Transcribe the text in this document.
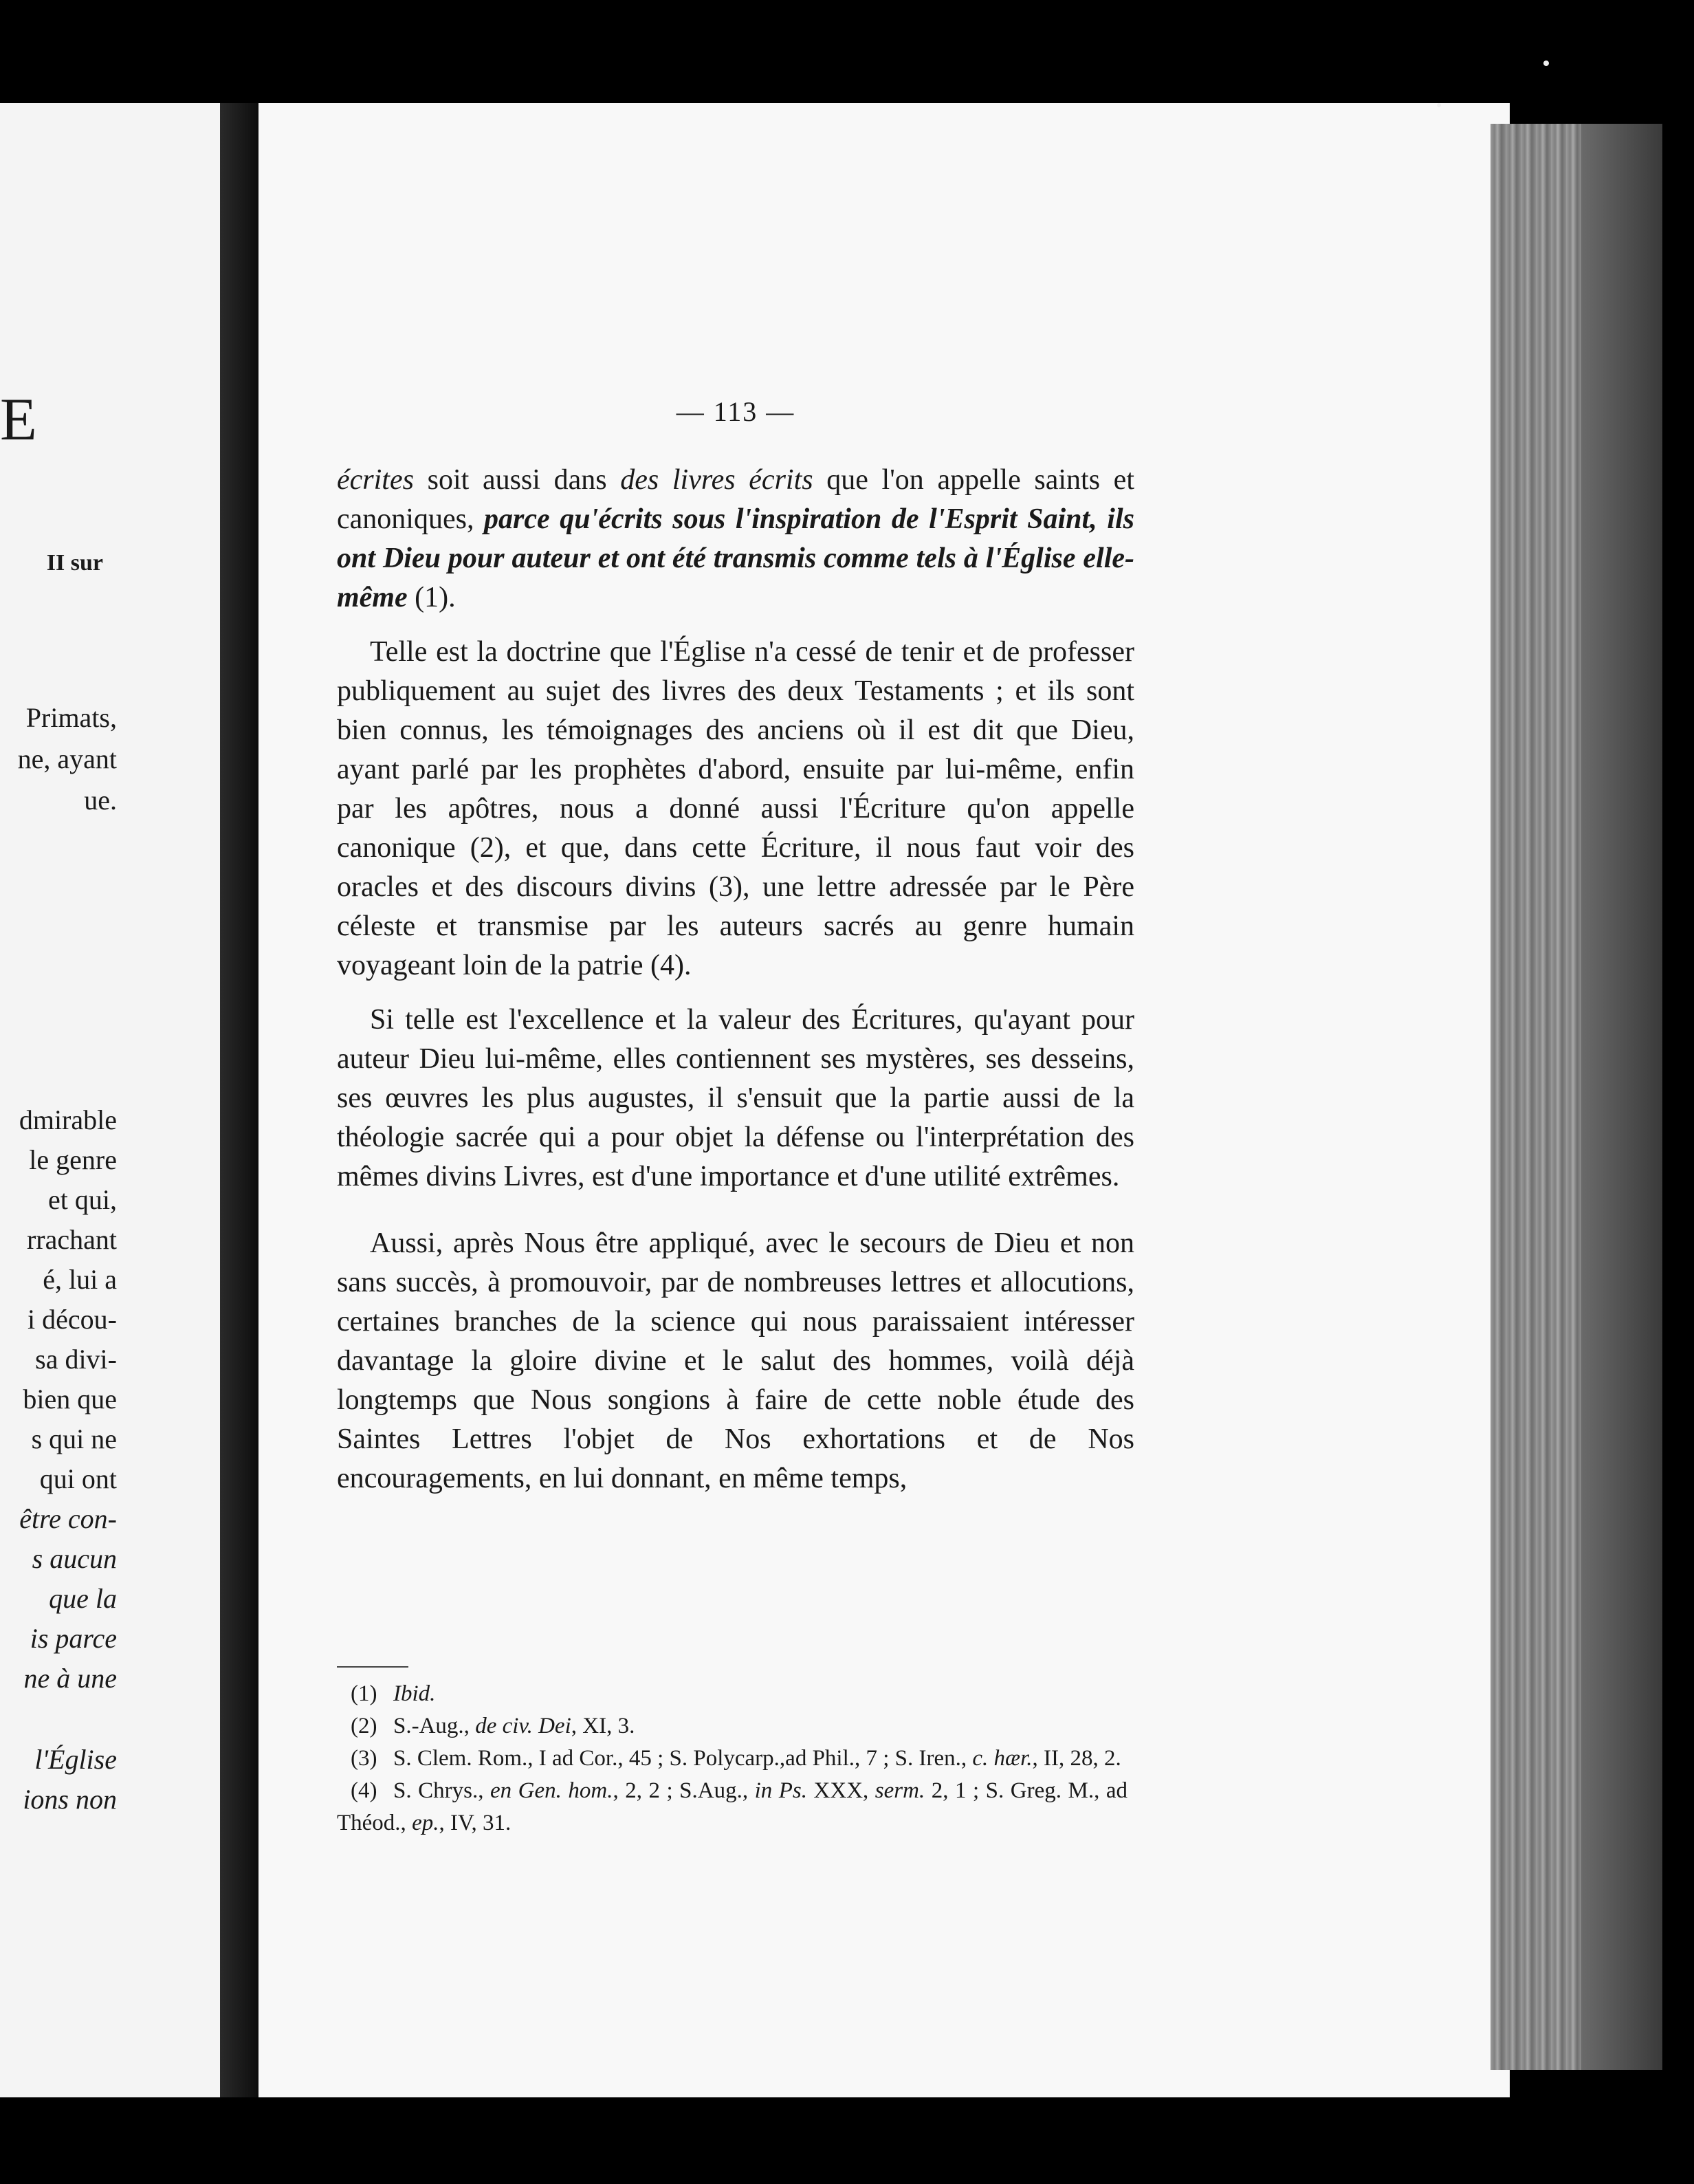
E
II sur
Primats,
ne, ayant
ue.
dmirable
le genre
et qui,
rrachant
é, lui a
i décou-
sa divi-
bien que
s qui ne
qui ont
être con-
s aucun
que la
is parce
ne à une
l'Église
ions non
— 113 —

écrites soit aussi dans des livres écrits que l'on appelle saints et canoniques, parce qu'écrits sous l'inspiration de l'Esprit Saint, ils ont Dieu pour auteur et ont été transmis comme tels à l'Église elle-même (1).

Telle est la doctrine que l'Église n'a cessé de tenir et de professer publiquement au sujet des livres des deux Testaments ; et ils sont bien connus, les témoignages des anciens où il est dit que Dieu, ayant parlé par les prophètes d'abord, ensuite par lui-même, enfin par les apôtres, nous a donné aussi l'Écriture qu'on appelle canonique (2), et que, dans cette Écriture, il nous faut voir des oracles et des discours divins (3), une lettre adressée par le Père céleste et transmise par les auteurs sacrés au genre humain voyageant loin de la patrie (4).

Si telle est l'excellence et la valeur des Écritures, qu'ayant pour auteur Dieu lui-même, elles contiennent ses mystères, ses desseins, ses œuvres les plus augustes, il s'ensuit que la partie aussi de la théologie sacrée qui a pour objet la défense ou l'interprétation des mêmes divins Livres, est d'une importance et d'une utilité extrêmes.

Aussi, après Nous être appliqué, avec le secours de Dieu et non sans succès, à promouvoir, par de nombreuses lettres et allocutions, certaines branches de la science qui nous paraissaient intéresser davantage la gloire divine et le salut des hommes, voilà déjà longtemps que Nous songions à faire de cette noble étude des Saintes Lettres l'objet de Nos exhortations et de Nos encouragements, en lui donnant, en même temps,

(1) Ibid.

(2) S.-Aug., de civ. Dei, XI, 3.

(3) S. Clem. Rom., I ad Cor., 45 ; S. Polycarp.,ad Phil., 7 ; S. Iren., c. hær., II, 28, 2.

(4) S. Chrys., en Gen. hom., 2, 2 ; S.Aug., in Ps. XXX, serm. 2, 1 ; S. Greg. M., ad Théod., ep., IV, 31.
